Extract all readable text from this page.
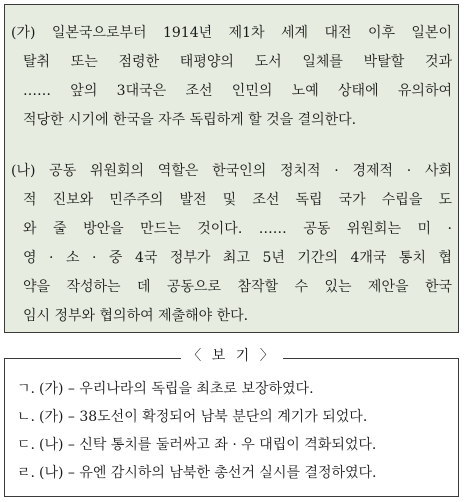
(가) 일본국으로부터 1914년 제1차 세계 대전 이후 일본이
탈취 또는 점령한 태평양의 도서 일체를 박탈할 것과
…… 앞의 3대국은 조선 인민의 노예 상태에 유의하여
적당한 시기에 한국을 자주 독립하게 할 것을 결의한다.
(나) 공동 위원회의 역할은 한국인의 정치적 · 경제적 · 사회
적 진보와 민주주의 발전 및 조선 독립 국가 수립을 도
와 줄 방안을 만드는 것이다. …… 공동 위원회는 미 ·
영 · 소 · 중 4국 정부가 최고 5년 기간의 4개국 통치 협
약을 작성하는 데 공동으로 참작할 수 있는 제안을 한국
임시 정부와 협의하여 제출해야 한다.
ㄱ. (가) – 우리나라의 독립을 최초로 보장하였다.
ㄴ. (가) – 38도선이 확정되어 남북 분단의 계기가 되었다.
ㄷ. (나) – 신탁 통치를 둘러싸고 좌 · 우 대립이 격화되었다.
ㄹ. (나) – 유엔 감시하의 남북한 총선거 실시를 결정하였다.
〈 보 기 〉
